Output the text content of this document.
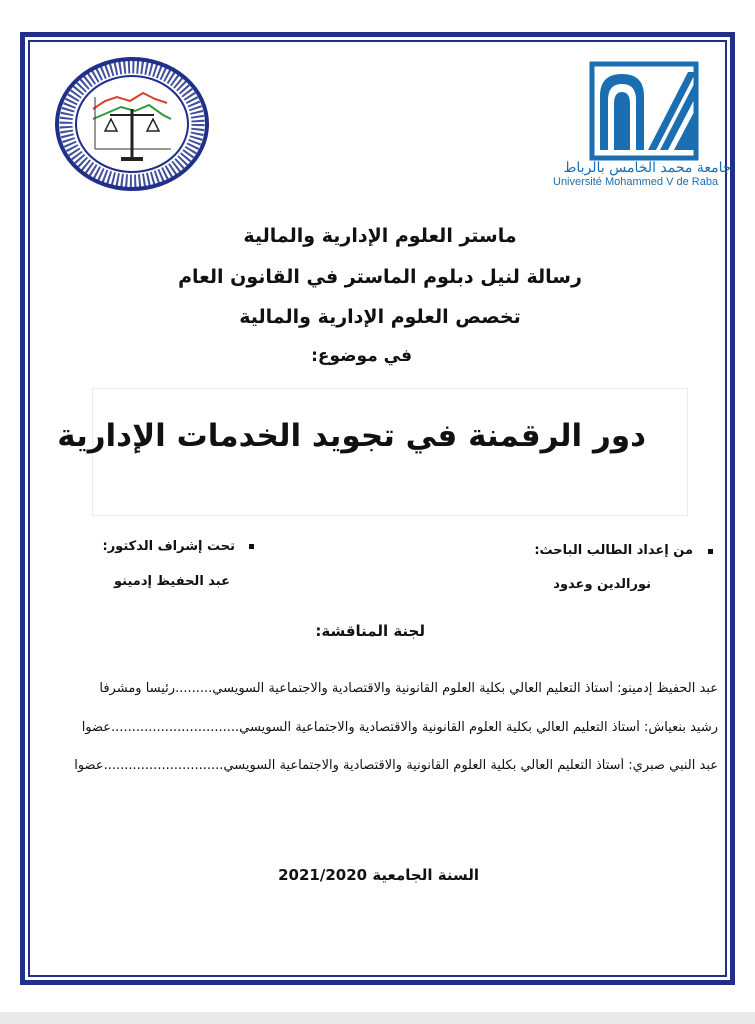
جامعة محمد الخامس بالرباط
Université Mohammed V de Raba
ماستر العلوم الإدارية والمالية
رسالة لنيل دبلوم الماستر في القانون العام
تخصص العلوم الإدارية والمالية
في موضوع:
دور الرقمنة في تجويد الخدمات الإدارية
من إعداد الطالب الباحث:
نورالدين وعدود
تحت إشراف الدكتور:
عبد الحفيظ إدمينو
لجنة المناقشة:
عبد الحفيظ إدمينو: أستاذ التعليم العالي بكلية العلوم القانونية والاقتصادية والاجتماعية السويسي.........رئيسا ومشرفا
رشيد بنعياش: أستاذ التعليم العالي بكلية العلوم القانونية والاقتصادية والاجتماعية السويسي...............................عضوا
عبد النبي صبري: أستاذ التعليم العالي بكلية العلوم القانونية والاقتصادية والاجتماعية السويسي.............................عضوا
السنة الجامعية 2021/2020
